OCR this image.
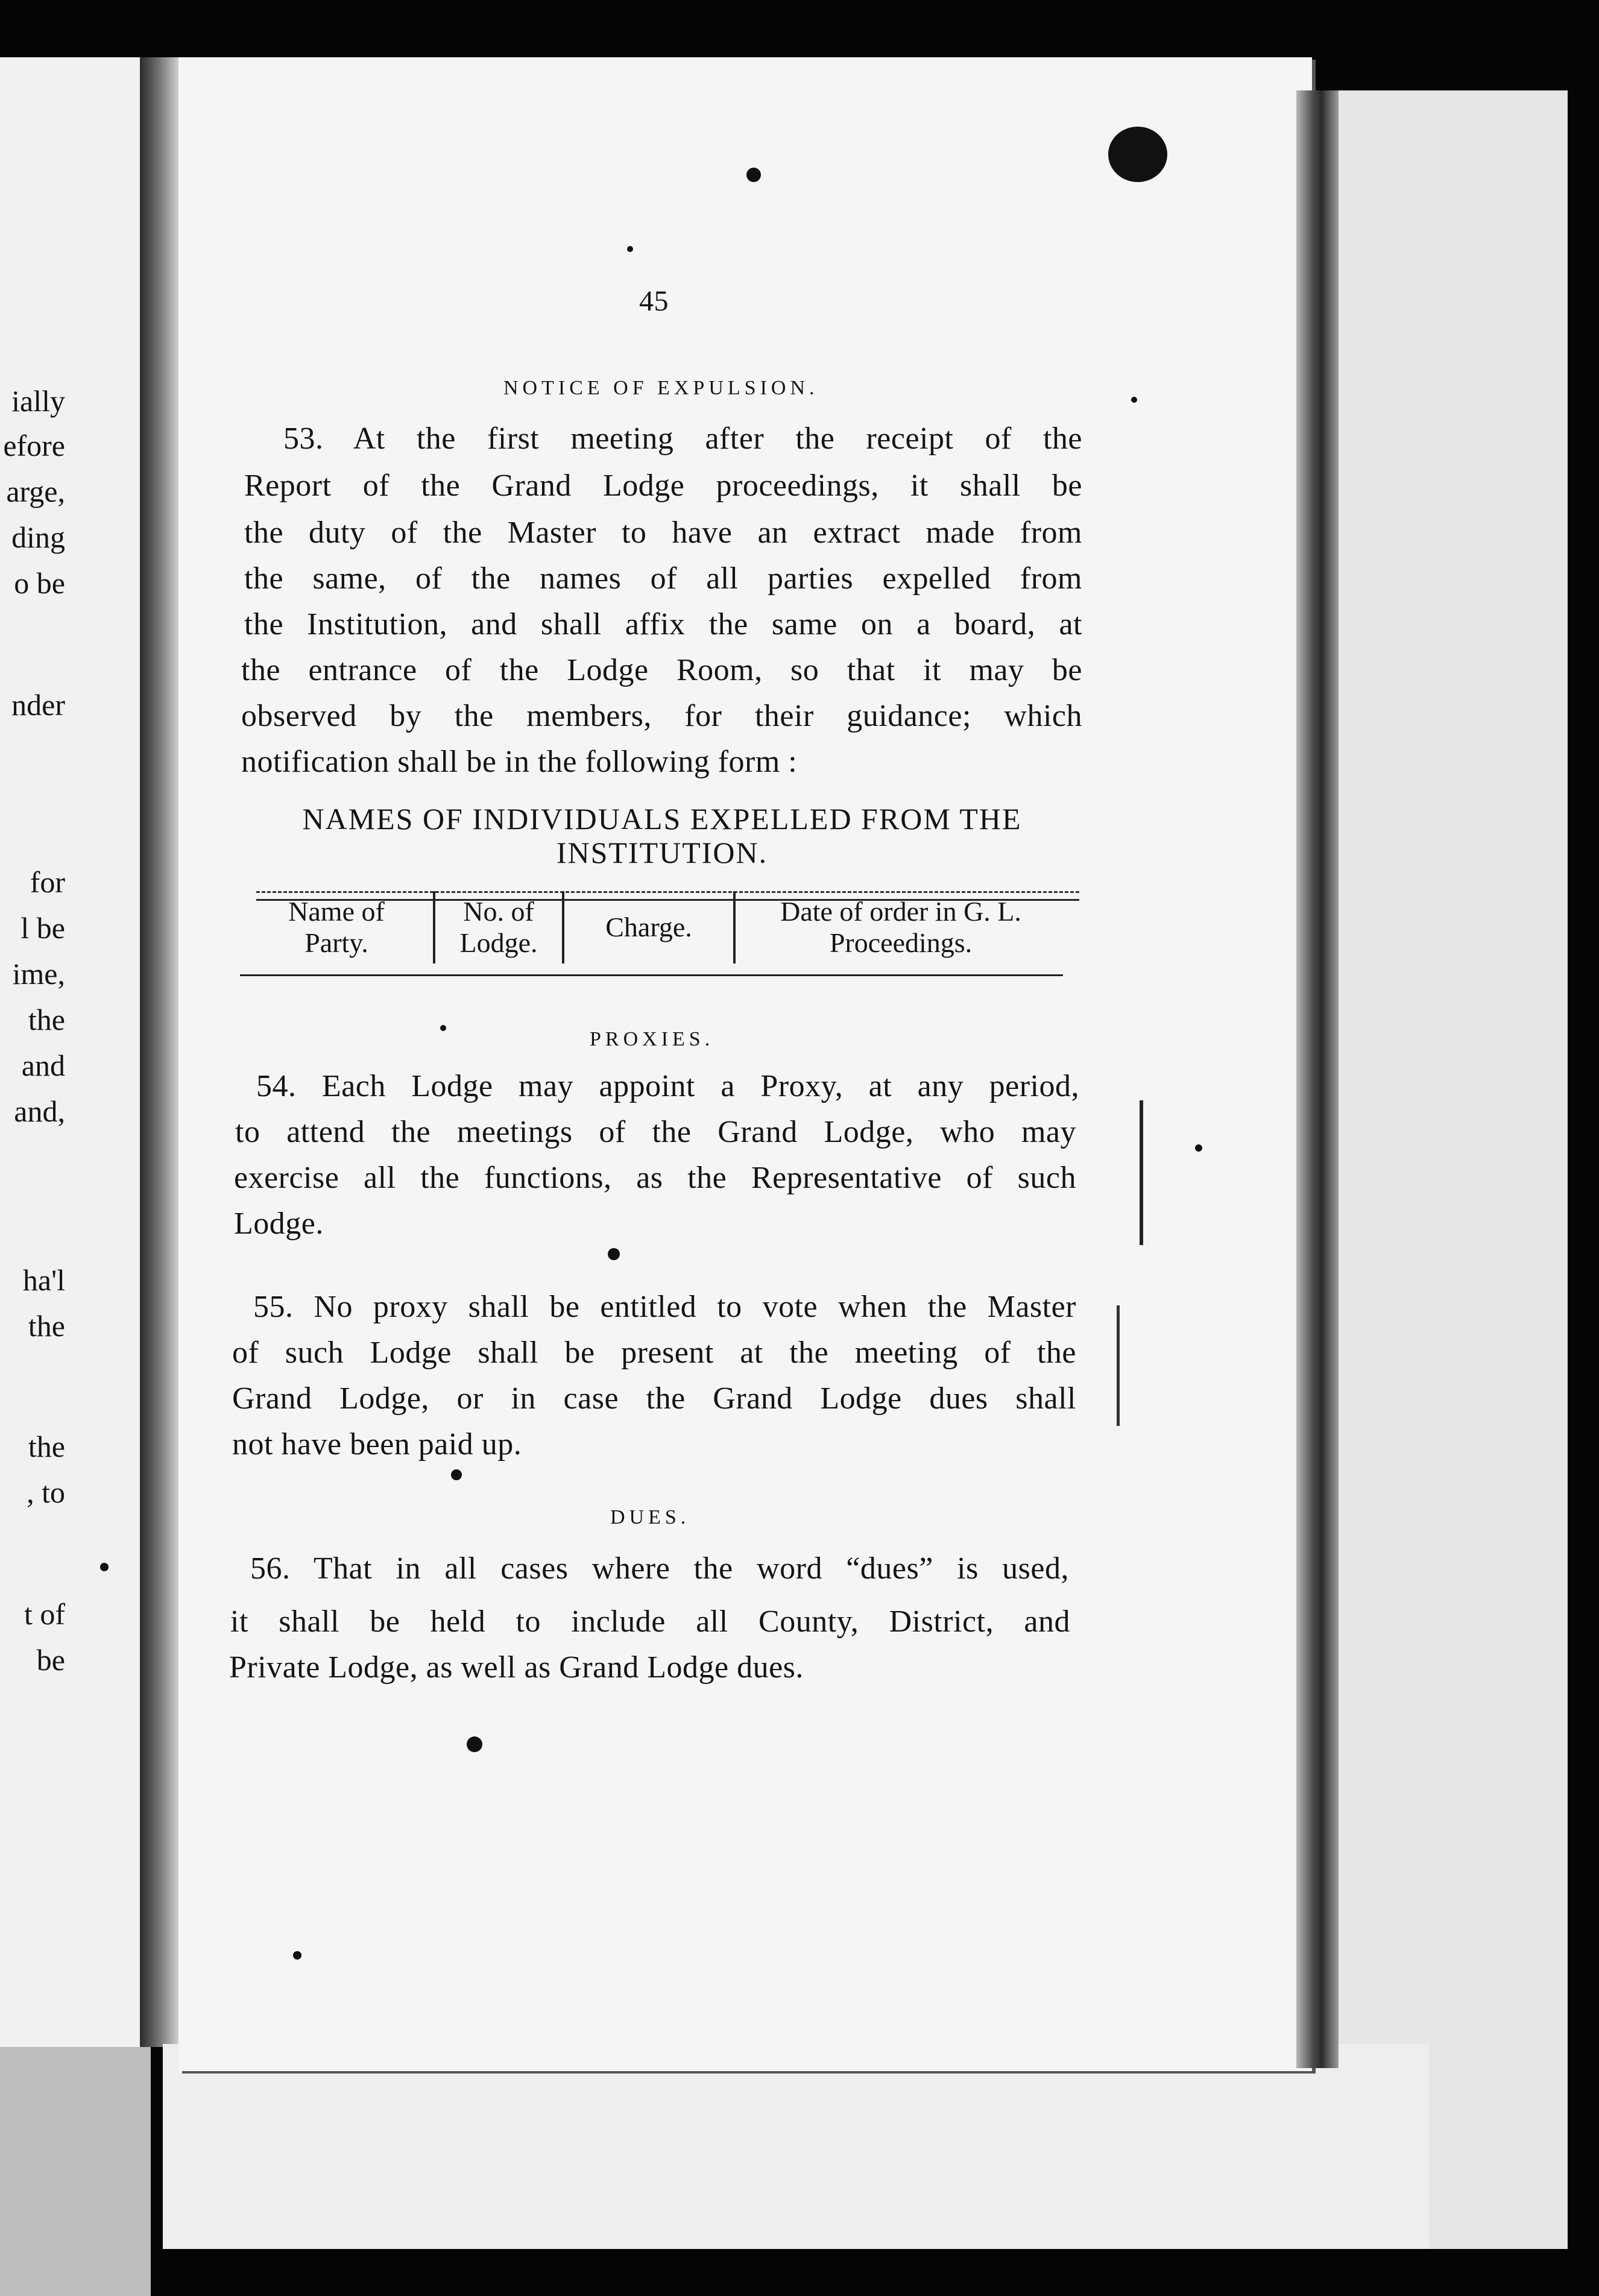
ially
efore
arge,
ding
o be
nder
for
l be
ime,
the
and
and,
ha'l
the
the
, to
t of
be
45
NOTICE OF EXPULSION.
53. At the first meeting after the receipt of the
Report of the Grand Lodge proceedings, it shall be
the duty of the Master to have an extract made from
the same, of the names of all parties expelled from
the Institution, and shall affix the same on a board, at
the entrance of the Lodge Room, so that it may be
observed by the members, for their guidance; which
notification shall be in the following form :
NAMES OF INDIVIDUALS EXPELLED FROM THE
INSTITUTION.
Name of
Party.

No. of
Lodge.

Charge.

Date of order in G. L.
Proceedings.
PROXIES.
54. Each Lodge may appoint a Proxy, at any period,
to attend the meetings of the Grand Lodge, who may
exercise all the functions, as the Representative of such
Lodge.
55. No proxy shall be entitled to vote when the Master
of such Lodge shall be present at the meeting of the
Grand Lodge, or in case the Grand Lodge dues shall
not have been paid up.
DUES.
56. That in all cases where the word “dues” is used,
it shall be held to include all County, District, and
Private Lodge, as well as Grand Lodge dues.
